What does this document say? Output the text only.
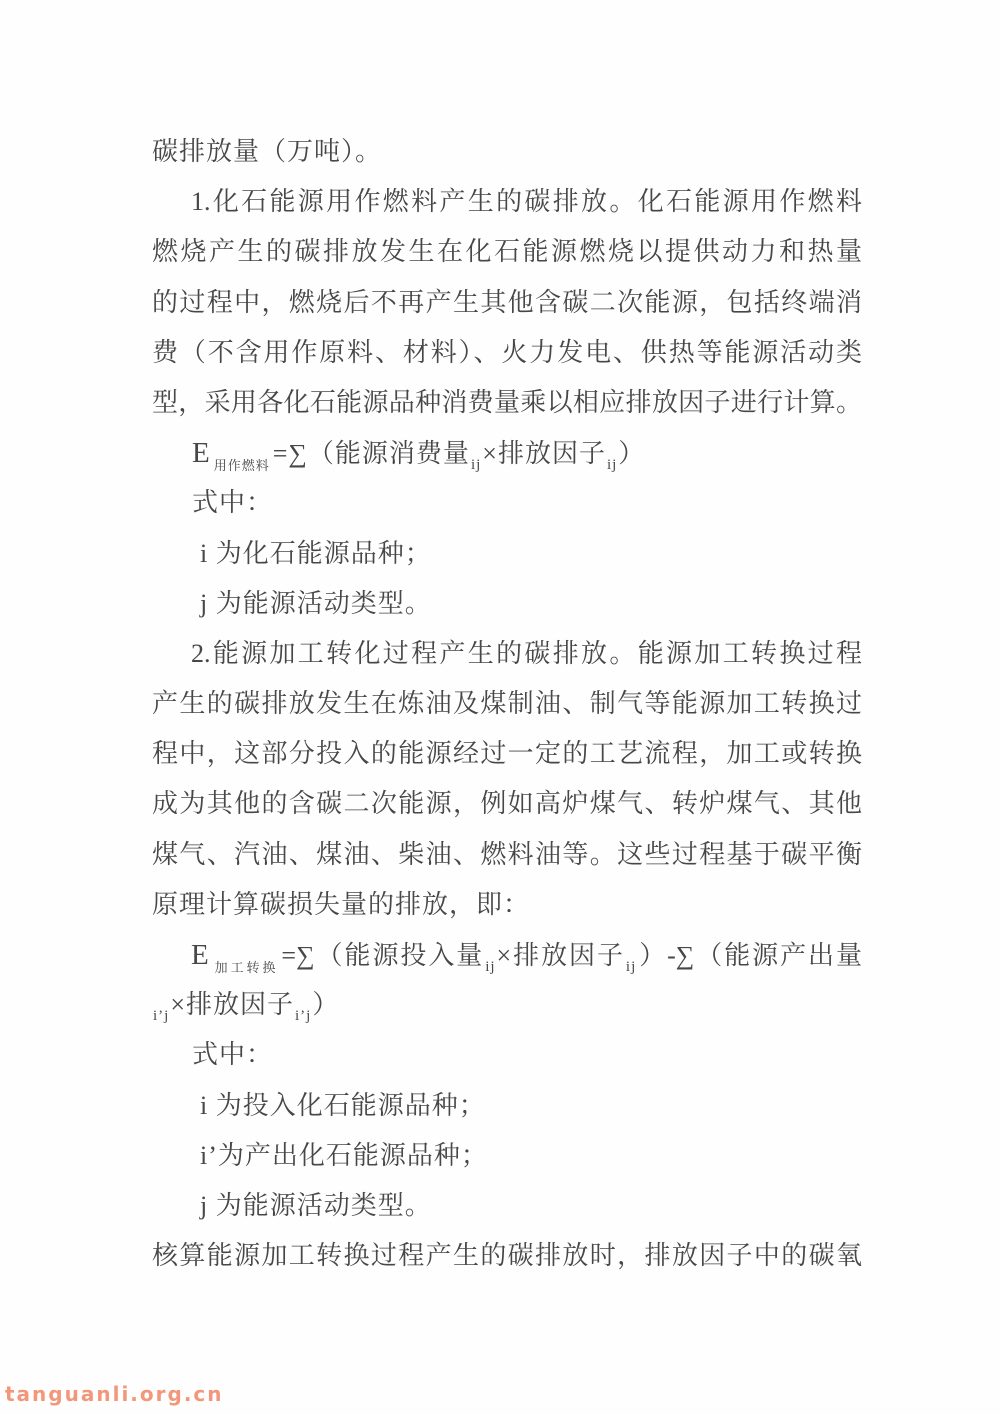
碳排放量（万吨）。
1.化石能源用作燃料产生的碳排放。化石能源用作燃料
燃烧产生的碳排放发生在化石能源燃烧以提供动力和热量
的过程中，燃烧后不再产生其他含碳二次能源，包括终端消
费（不含用作原料、材料）、火力发电、供热等能源活动类
型，采用各化石能源品种消费量乘以相应排放因子进行计算。
E $_{用作燃料}$ =∑（能源消费量$_{ij}$×排放因子$_{ij}$）
式中：
i 为化石能源品种；
j 为能源活动类型。
2.能源加工转化过程产生的碳排放。能源加工转换过程
产生的碳排放发生在炼油及煤制油、制气等能源加工转换过
程中，这部分投入的能源经过一定的工艺流程，加工或转换
成为其他的含碳二次能源，例如高炉煤气、转炉煤气、其他
煤气、汽油、煤油、柴油、燃料油等。这些过程基于碳平衡
原理计算碳损失量的排放，即：
E $_{加工转换}$ =∑（能源投入量$_{ij}$×排放因子$_{ij}$）-∑（能源产出量
$_{i’j}$×排放因子$_{i’j}$）
式中：
i 为投入化石能源品种；
i’为产出化石能源品种；
j 为能源活动类型。
核算能源加工转换过程产生的碳排放时，排放因子中的碳氧
tanguanli.org.cn
